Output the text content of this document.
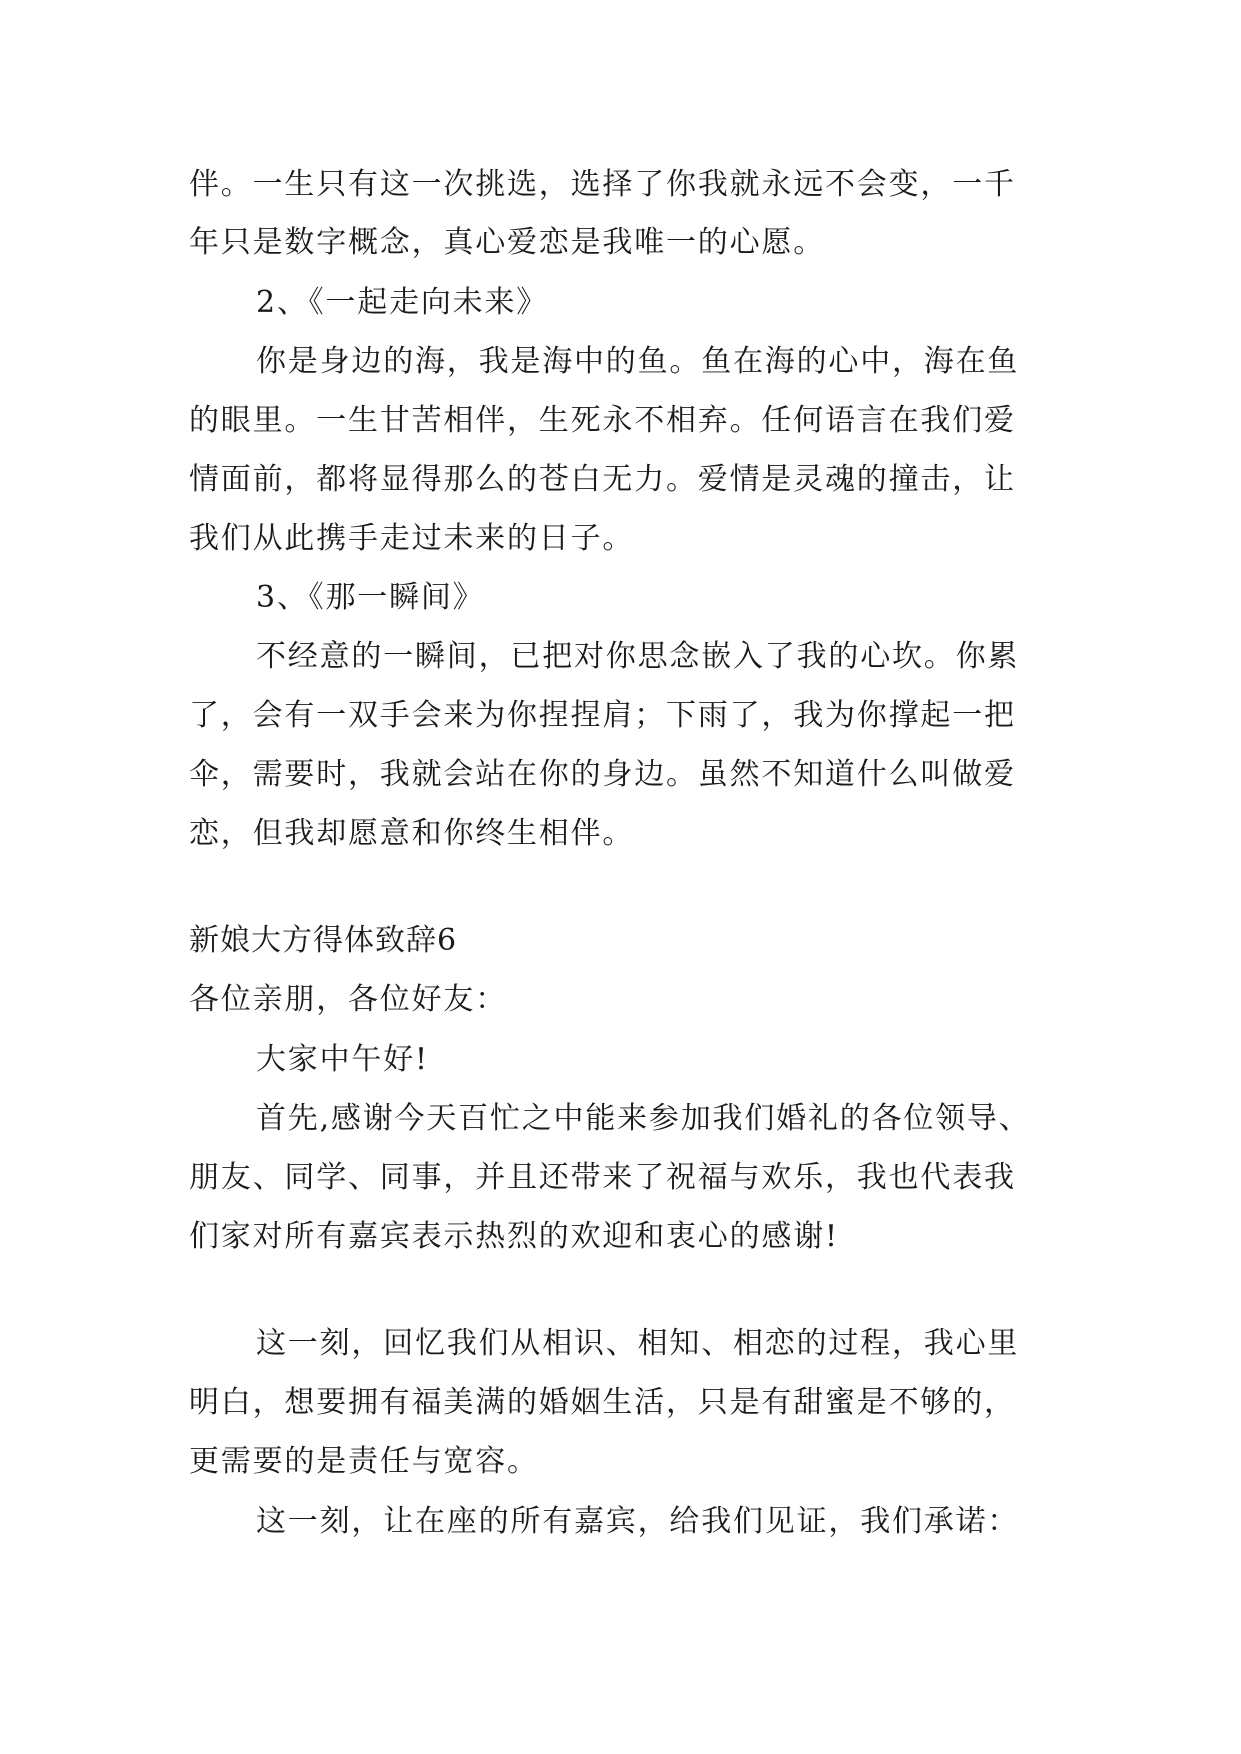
伴。一生只有这一次挑选，选择了你我就永远不会变，一千
年只是数字概念，真心爱恋是我唯一的心愿。
2、《一起走向未来》
你是身边的海，我是海中的鱼。鱼在海的心中，海在鱼
的眼里。一生甘苦相伴，生死永不相弃。任何语言在我们爱
情面前，都将显得那么的苍白无力。爱情是灵魂的撞击，让
我们从此携手走过未来的日子。
3、《那一瞬间》
不经意的一瞬间，已把对你思念嵌入了我的心坎。你累
了，会有一双手会来为你捏捏肩；下雨了，我为你撑起一把
伞，需要时，我就会站在你的身边。虽然不知道什么叫做爱
恋，但我却愿意和你终生相伴。
新娘大方得体致辞6
各位亲朋，各位好友：
大家中午好!
首先,感谢今天百忙之中能来参加我们婚礼的各位领导、
朋友、同学、同事，并且还带来了祝福与欢乐，我也代表我
们家对所有嘉宾表示热烈的欢迎和衷心的感谢!
这一刻，回忆我们从相识、相知、相恋的过程，我心里
明白，想要拥有福美满的婚姻生活，只是有甜蜜是不够的，
更需要的是责任与宽容。
这一刻，让在座的所有嘉宾，给我们见证，我们承诺：
